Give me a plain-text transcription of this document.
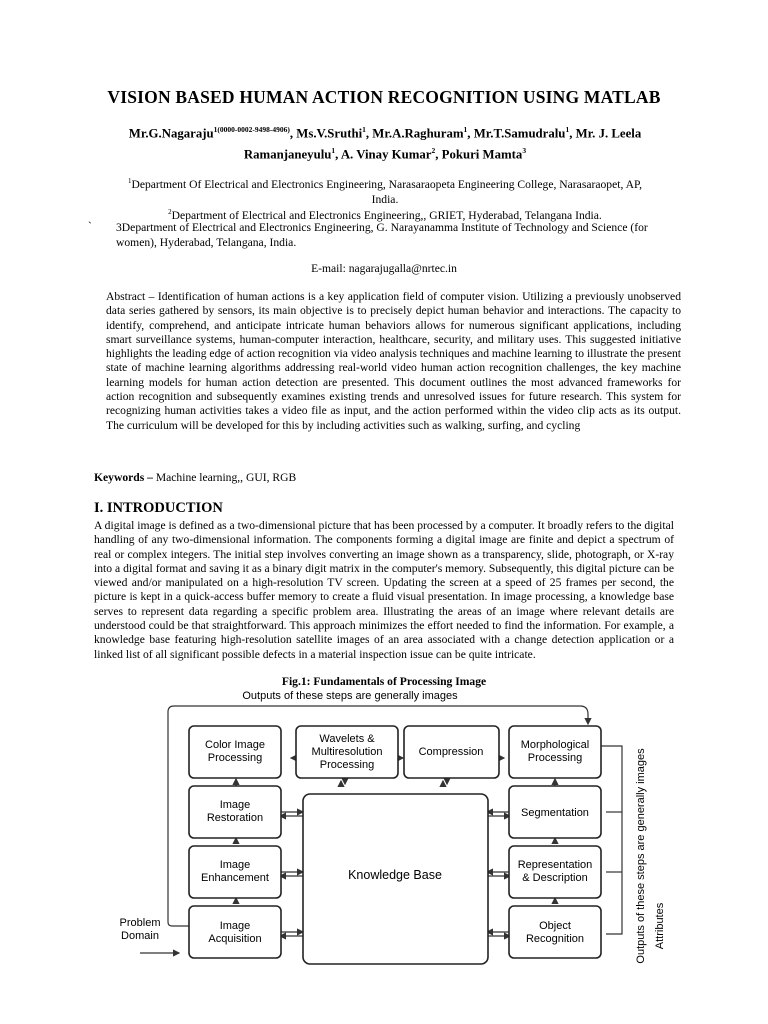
VISION BASED HUMAN ACTION RECOGNITION USING MATLAB
Mr.G.Nagaraju$^{1(0000-0002-9498-4906)}$, Ms.V.Sruthi$^1$, Mr.A.Raghuram$^1$, Mr.T.Samudralu$^1$, Mr. J. Leela
Ramanjaneyulu$^1$, A. Vinay Kumar$^2$, Pokuri Mamta$^3$
$^1$Department Of Electrical and Electronics Engineering, Narasaraopeta Engineering College, Narasaraopet, AP,
India.
$^2$Department of Electrical and Electronics Engineering,, GRIET, Hyderabad, Telangana India.
` 3Department of Electrical and Electronics Engineering, G. Narayanamma Institute of Technology and Science (for
women), Hyderabad, Telangana, India.
E-mail: nagarajugalla@nrtec.in
Abstract – Identification of human actions is a key application field of computer vision. Utilizing a previously unobserved data series gathered by sensors, its main objective is to precisely depict human behavior and interactions. The capacity to identify, comprehend, and anticipate intricate human behaviors allows for numerous significant applications, including smart surveillance systems, human-computer interaction, healthcare, security, and military uses. This suggested initiative highlights the leading edge of action recognition via video analysis techniques and machine learning to illustrate the present state of machine learning algorithms addressing real-world video human action recognition challenges, the key machine learning models for human action detection are presented. This document outlines the most advanced frameworks for action recognition and subsequently examines existing trends and unresolved issues for future research. This system for recognizing human activities takes a video file as input, and the action performed within the video clip acts as its output. The curriculum will be developed for this by including activities such as walking, surfing, and cycling
Keywords – Machine learning,, GUI, RGB
I. INTRODUCTION
A digital image is defined as a two-dimensional picture that has been processed by a computer. It broadly refers to the digital handling of any two-dimensional information. The components forming a digital image are finite and depict a spectrum of real or complex integers. The initial step involves converting an image shown as a transparency, slide, photograph, or X-ray into a digital format and saving it as a binary digit matrix in the computer's memory. Subsequently, this digital picture can be viewed and/or manipulated on a high-resolution TV screen. Updating the screen at a speed of 25 frames per second, the picture is kept in a quick-access buffer memory to create a fluid visual presentation. In image processing, a knowledge base serves to represent data regarding a specific problem area. Illustrating the areas of an image where relevant details are understood could be that straightforward. This approach minimizes the effort needed to find the information. For example, a knowledge base featuring high-resolution satellite images of an area associated with a change detection application or a linked list of all significant possible defects in a material inspection issue can be quite intricate.
Fig.1: Fundamentals of Processing Image
Outputs of these steps are generally images
Color Image
Processing
Wavelets &
Multiresolution
Processing
Compression
Morphological
Processing
Image
Restoration	Segmentation
Image
Enhancement
Representation
& Description
Image
Acquisition
Object
Recognition
Knowledge Base
Problem
Domain	Outputs of these steps are generally images Attributes
